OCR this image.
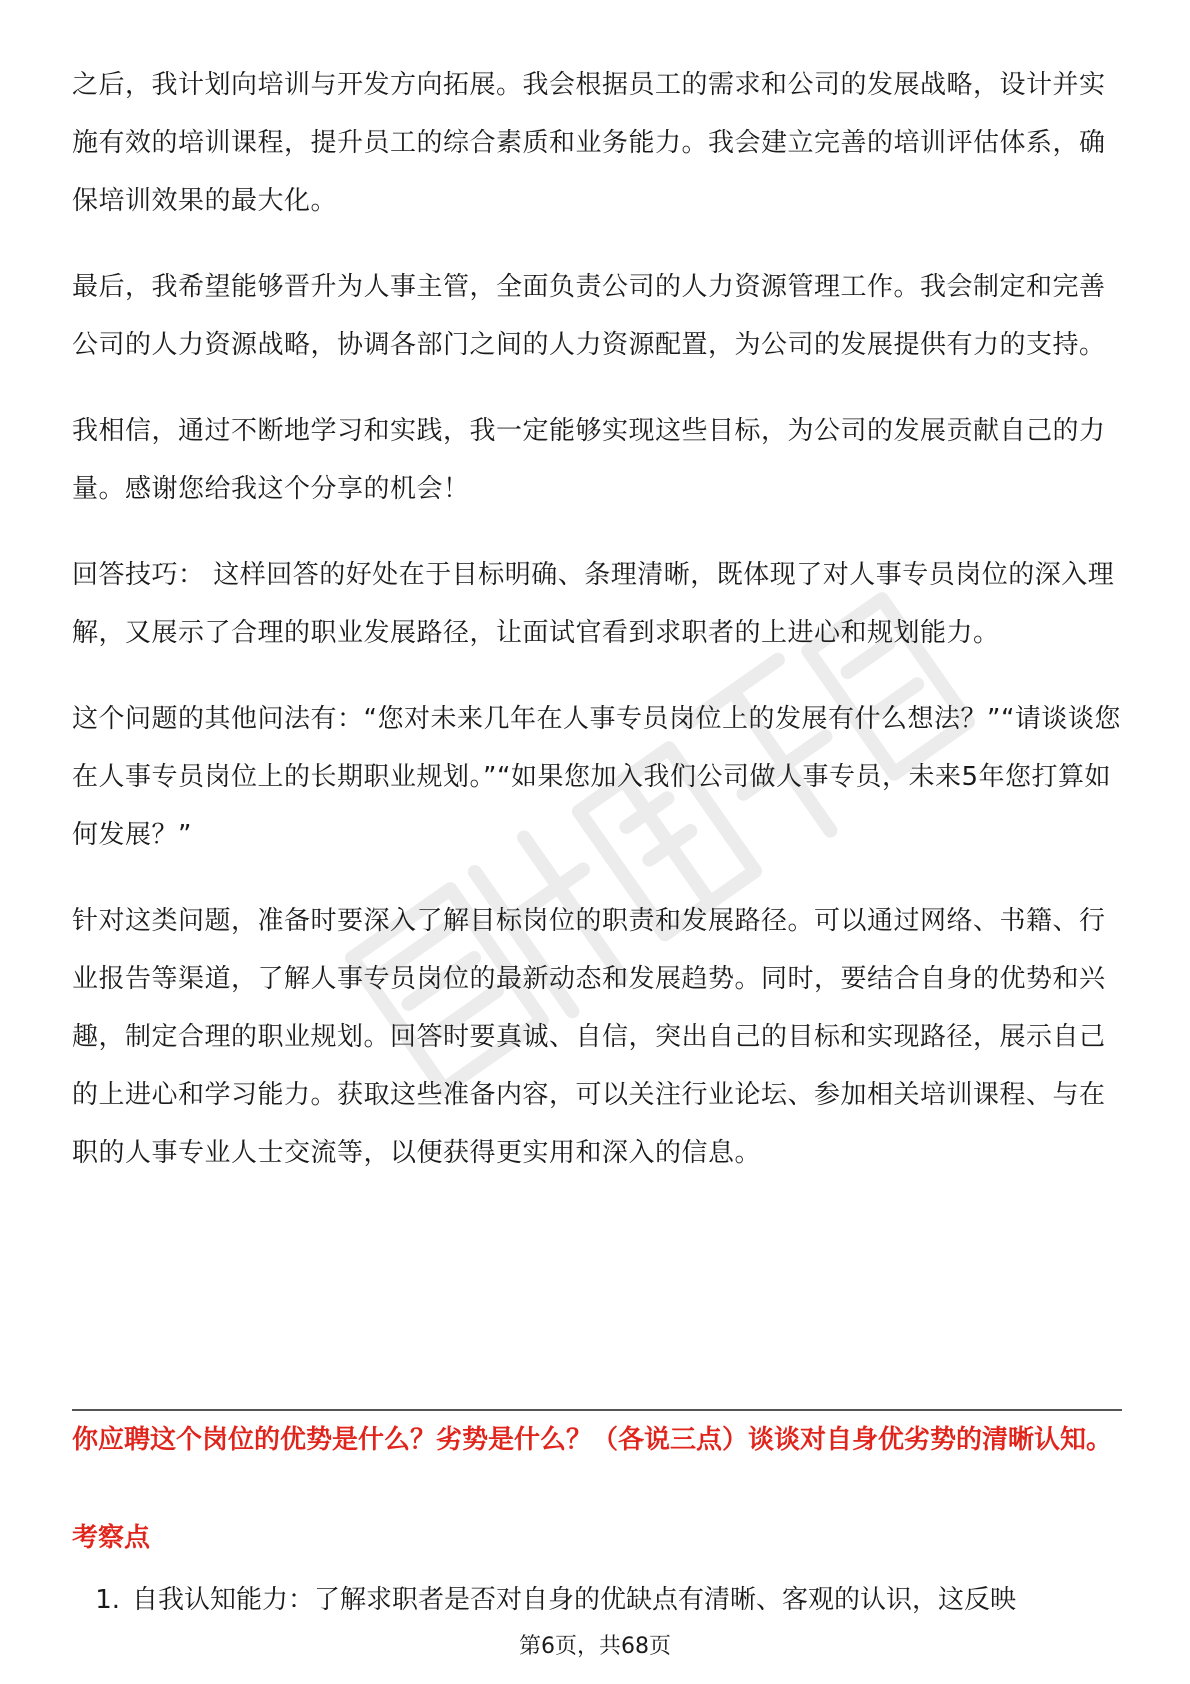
之后，我计划向培训与开发方向拓展。我会根据员工的需求和公司的发展战略，设计并实施有效的培训课程，提升员工的综合素质和业务能力。我会建立完善的培训评估体系，确保培训效果的最大化。

最后，我希望能够晋升为人事主管，全面负责公司的人力资源管理工作。我会制定和完善公司的人力资源战略，协调各部门之间的人力资源配置，为公司的发展提供有力的支持。

我相信，通过不断地学习和实践，我一定能够实现这些目标，为公司的发展贡献自己的力量。感谢您给我这个分享的机会！

回答技巧： 这样回答的好处在于目标明确、条理清晰，既体现了对人事专员岗位的深入理解，又展示了合理的职业发展路径，让面试官看到求职者的上进心和规划能力。

这个问题的其他问法有：“您对未来几年在人事专员岗位上的发展有什么想法？”“请谈谈您在人事专员岗位上的长期职业规划。”“如果您加入我们公司做人事专员，未来5年您打算如何发展？”

针对这类问题，准备时要深入了解目标岗位的职责和发展路径。可以通过网络、书籍、行业报告等渠道，了解人事专员岗位的最新动态和发展趋势。同时，要结合自身的优势和兴趣，制定合理的职业规划。回答时要真诚、自信，突出自己的目标和实现路径，展示自己的上进心和学习能力。获取这些准备内容，可以关注行业论坛、参加相关培训课程、与在职的人事专业人士交流等，以便获得更实用和深入的信息。

你应聘这个岗位的优势是什么？劣势是什么？（各说三点）谈谈对自身优劣势的清晰认知。

考察点

1. 自我认知能力：了解求职者是否对自身的优缺点有清晰、客观的认识，这反映
第6页，共68页
